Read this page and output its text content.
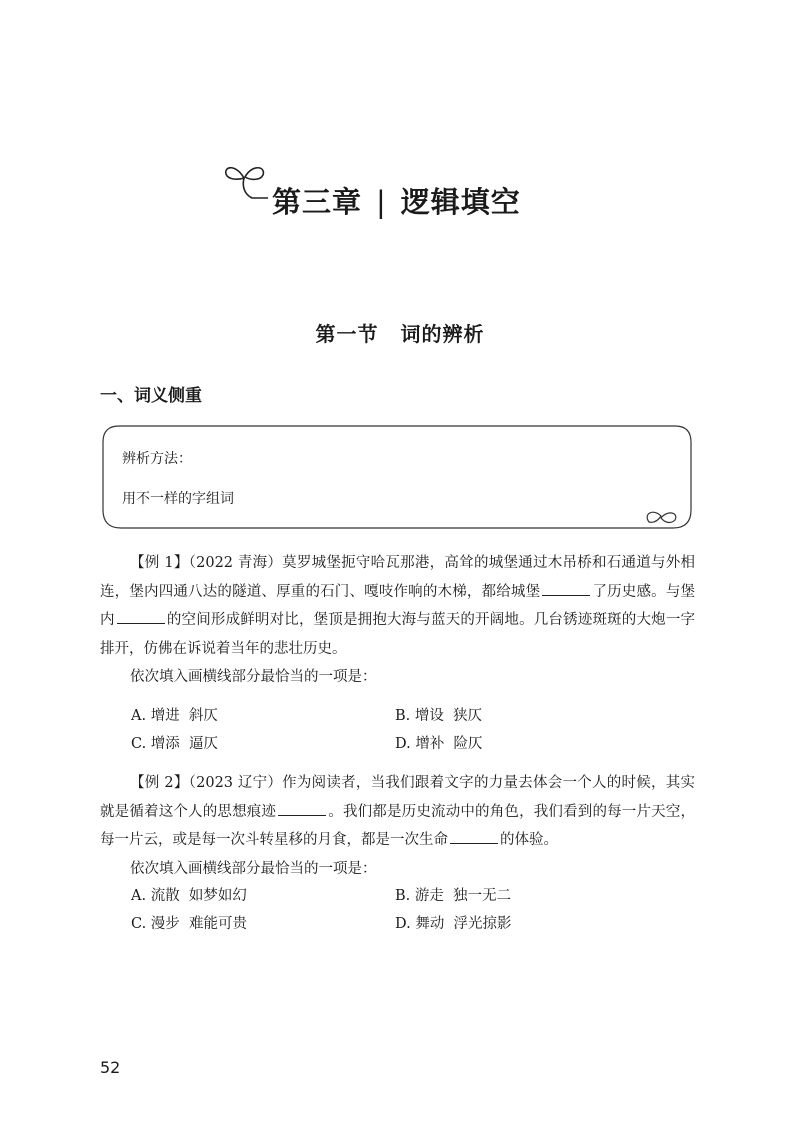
第三章 | 逻辑填空
第一节 词的辨析
一、词义侧重
辨析方法：
用不一样的字组词

【例 1】（2022 青海）莫罗城堡扼守哈瓦那港，高耸的城堡通过木吊桥和石通道与外相连，堡内四通八达的隧道、厚重的石门、嘎吱作响的木梯，都给城堡	了历史感。与堡内	的空间形成鲜明对比，堡顶是拥抱大海与蓝天的开阔地。几台锈迹斑斑的大炮一字排开，仿佛在诉说着当年的悲壮历史。

依次填入画横线部分最恰当的一项是：

A. 增进 斜仄	B. 增设 狭仄
C. 增添 逼仄	D. 增补 险仄

【例 2】（2023 辽宁）作为阅读者，当我们跟着文字的力量去体会一个人的时候，其实就是循着这个人的思想痕迹	。我们都是历史流动中的角色，我们看到的每一片天空，每一片云，或是每一次斗转星移的月食，都是一次生命	的体验。

依次填入画横线部分最恰当的一项是：

A. 流散 如梦如幻	B. 游走 独一无二
C. 漫步 难能可贵	D. 舞动 浮光掠影
52
